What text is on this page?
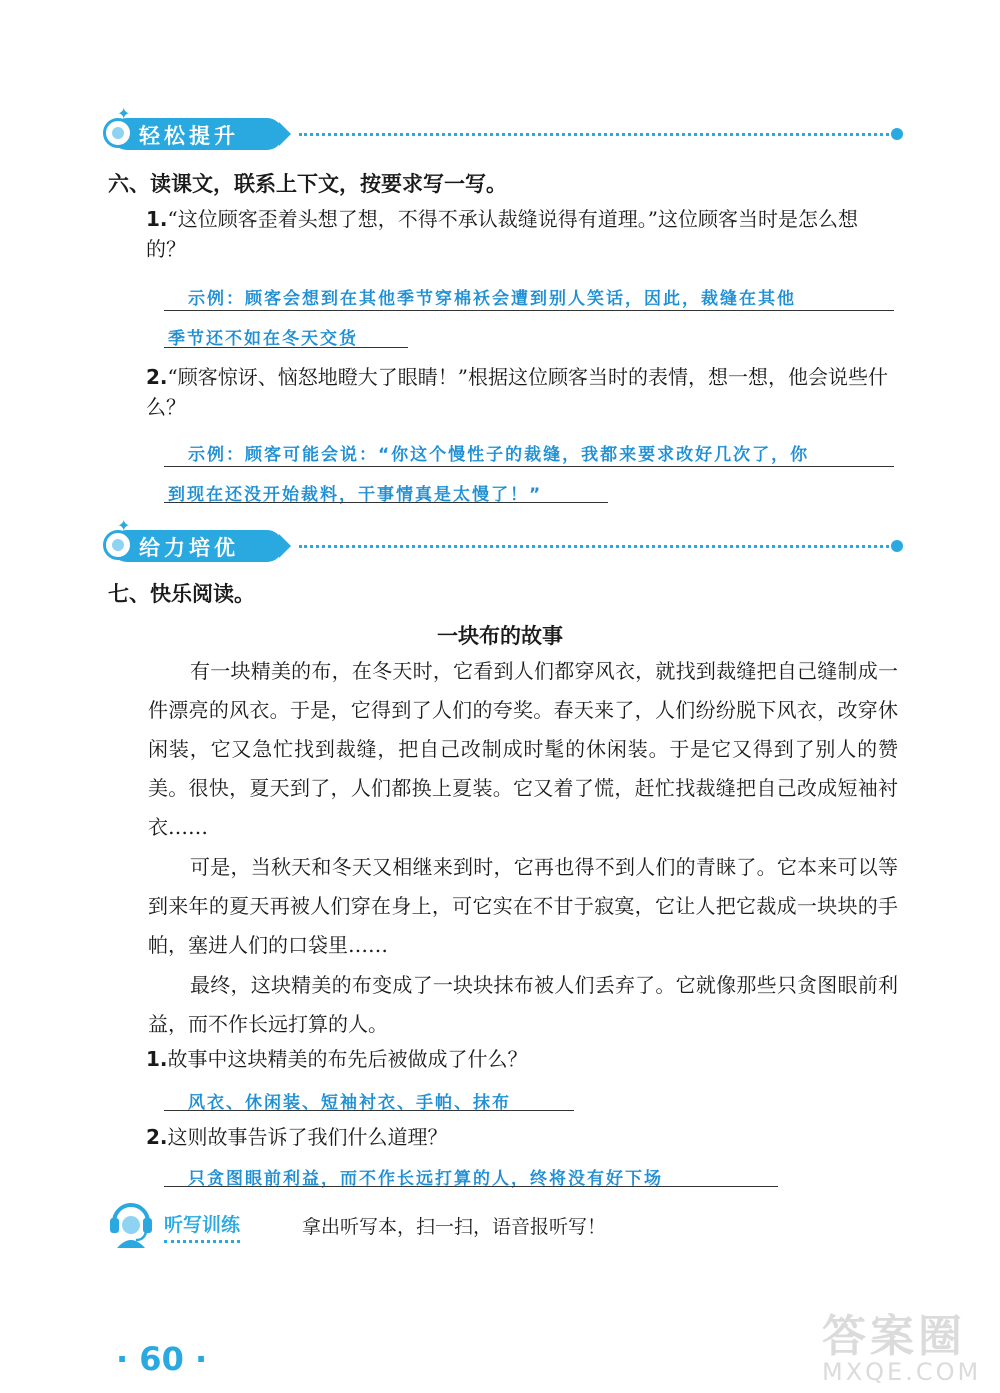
✦
轻松提升
六、读课文，联系上下文，按要求写一写。
1.“这位顾客歪着头想了想，不得不承认裁缝说得有道理。”这位顾客当时是怎么想的？
示例：顾客会想到在其他季节穿棉袄会遭到别人笑话，因此，裁缝在其他
季节还不如在冬天交货
2.“顾客惊讶、恼怒地瞪大了眼睛！”根据这位顾客当时的表情，想一想，他会说些什么？
示例：顾客可能会说：“你这个慢性子的裁缝，我都来要求改好几次了，你
到现在还没开始裁料，干事情真是太慢了！”
✦
给力培优
七、快乐阅读。
一块布的故事
有一块精美的布，在冬天时，它看到人们都穿风衣，就找到裁缝把自己缝制成一件漂亮的风衣。于是，它得到了人们的夸奖。春天来了，人们纷纷脱下风衣，改穿休闲装，它又急忙找到裁缝，把自己改制成时髦的休闲装。于是它又得到了别人的赞美。很快，夏天到了，人们都换上夏装。它又着了慌，赶忙找裁缝把自己改成短袖衬衣……
可是，当秋天和冬天又相继来到时，它再也得不到人们的青睐了。它本来可以等到来年的夏天再被人们穿在身上，可它实在不甘于寂寞，它让人把它裁成一块块的手帕，塞进人们的口袋里……
最终，这块精美的布变成了一块块抹布被人们丢弃了。它就像那些只贪图眼前利益，而不作长远打算的人。
1.故事中这块精美的布先后被做成了什么？
风衣、休闲装、短袖衬衣、手帕、抹布
2.这则故事告诉了我们什么道理？
只贪图眼前利益，而不作长远打算的人，终将没有好下场
听写训练	拿出听写本，扫一扫，语音报听写！
· 60 ·	答案圈
MXQE.COM
